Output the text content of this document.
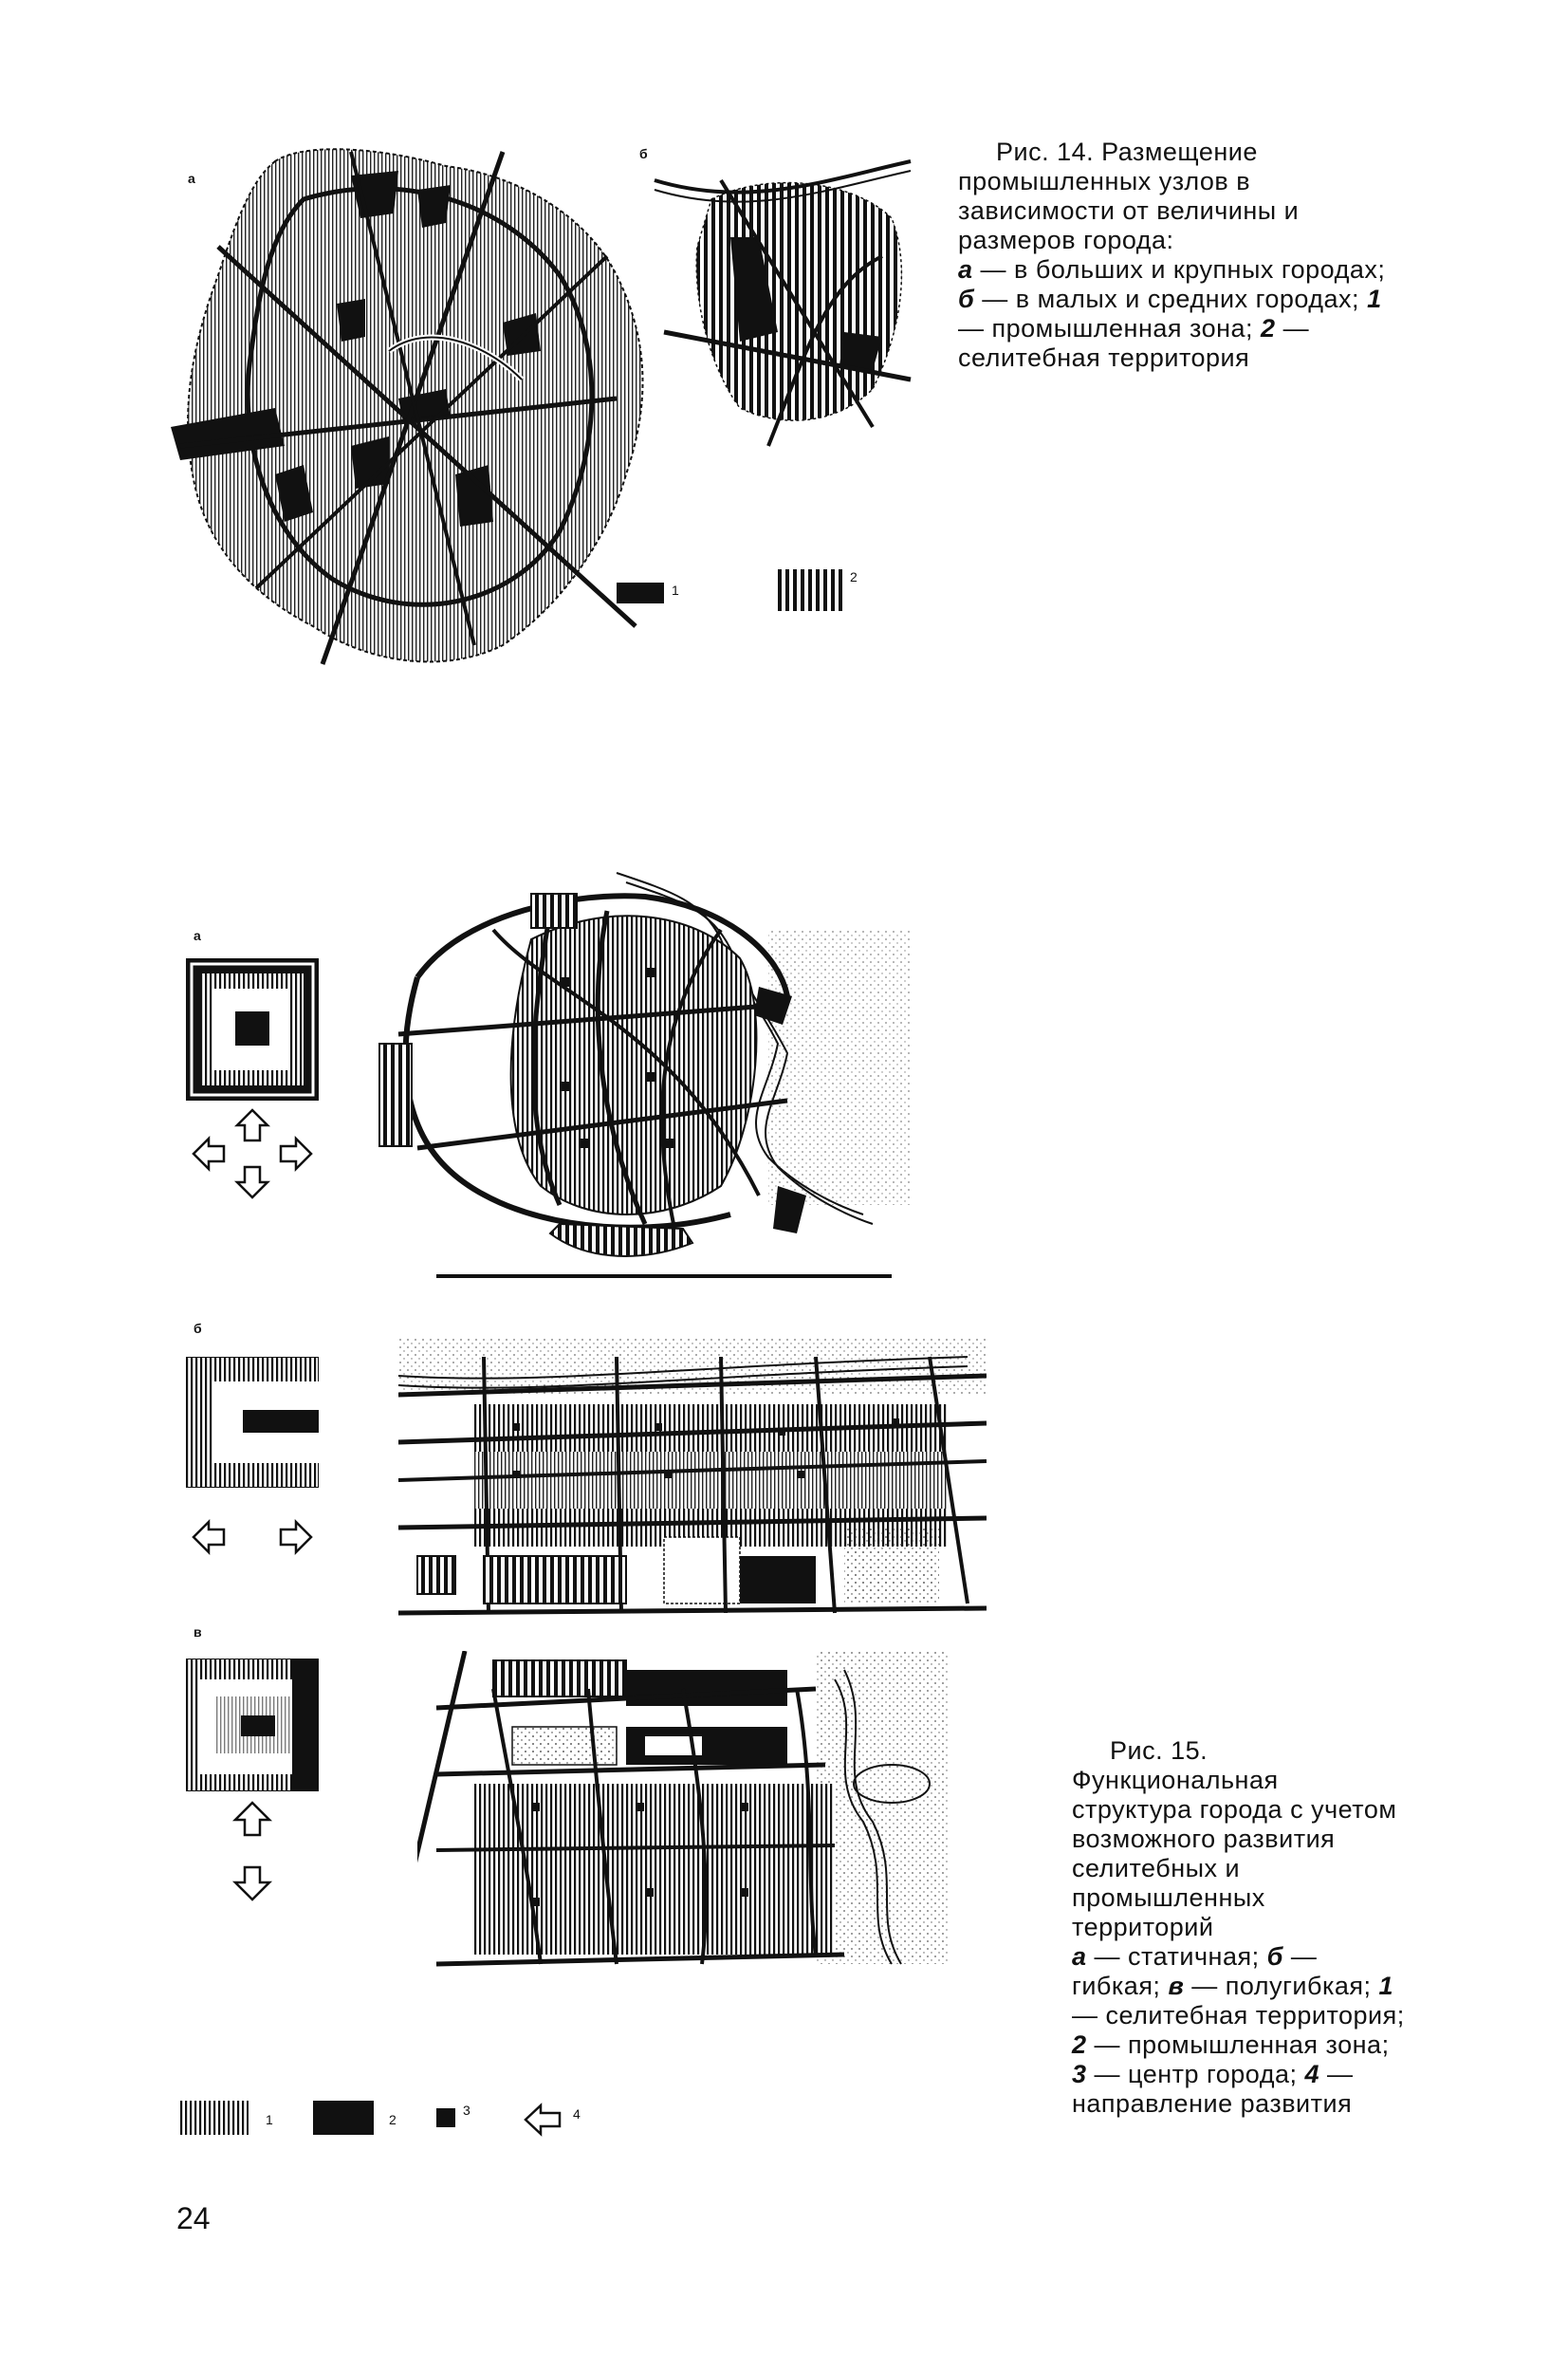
а
б
1
2
Рис. 14. Размещение промышленных узлов в зависимости от величины и размеров города:
а — в больших и крупных городах; б — в малых и средних городах; 1 — промышленная зона; 2 — селитебная территория
а
б
в
1	2
3	4
Рис. 15. Функциональная структура города с учетом возможного развития селитебных и промышленных территорий
а — статичная; б — гибкая; в — полугибкая; 1 — селитебная территория; 2 — промышленная зона; 3 — центр города; 4 — направление развития
24
